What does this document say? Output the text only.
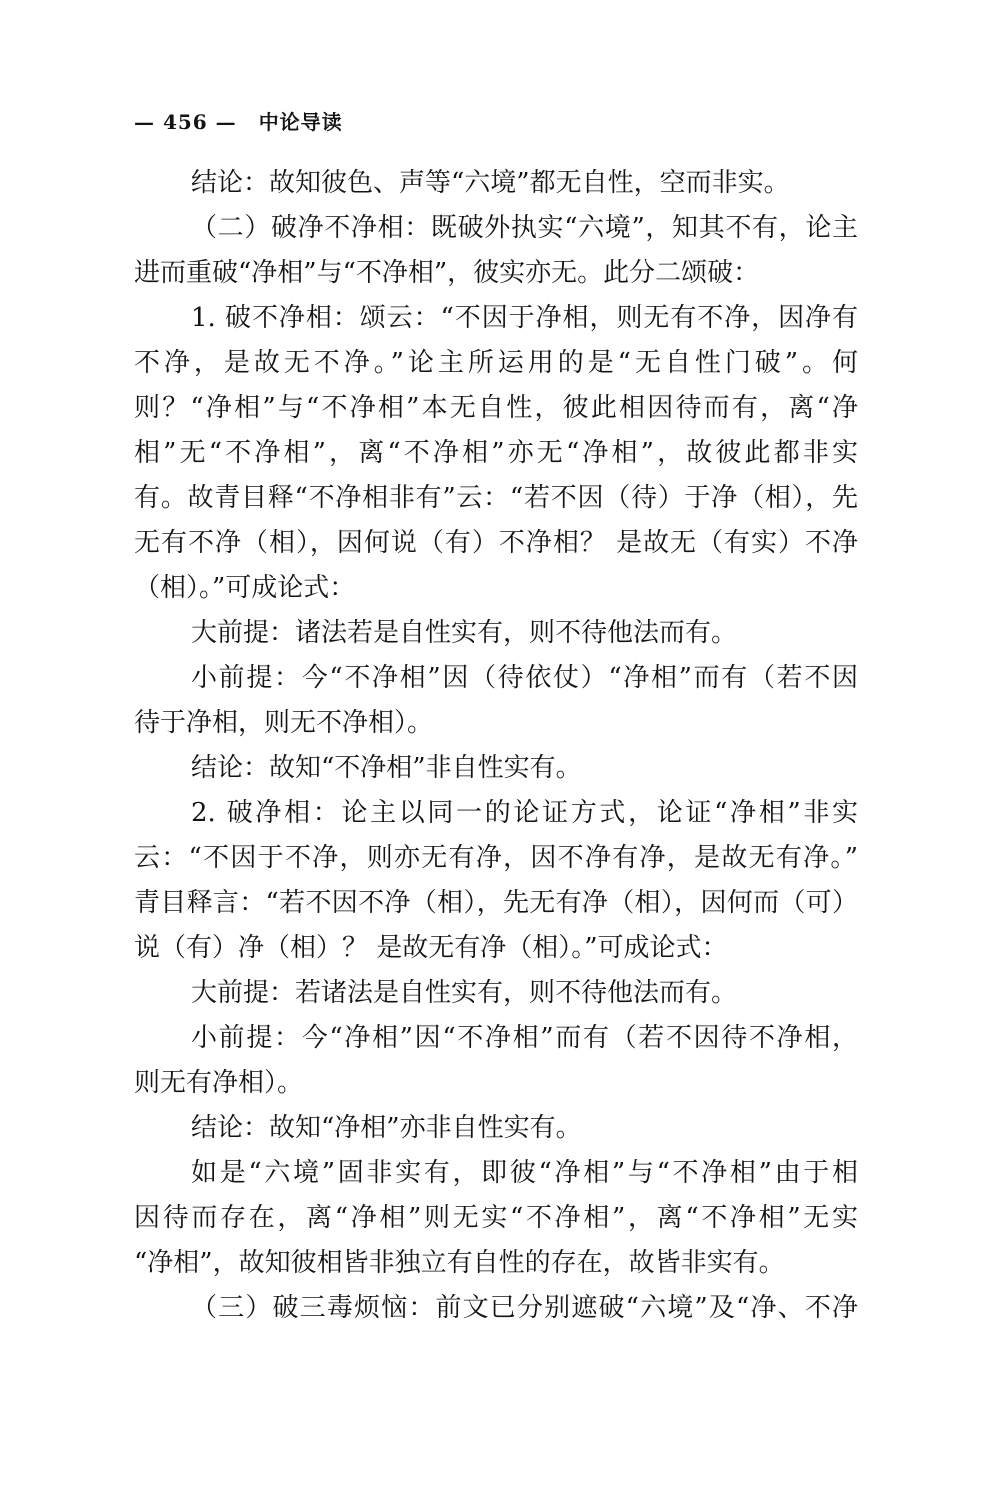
— 456 — 中论导读
结论：故知彼色、声等“六境”都无自性，空而非实。
（二）破净不净相：既破外执实“六境”，知其不有，论主
进而重破“净相”与“不净相”，彼实亦无。此分二颂破：
1. 破不净相：颂云：“不因于净相，则无有不净，因净有
不净，是故无不净。”论主所运用的是“无自性门破”。何
则？“净相”与“不净相”本无自性，彼此相因待而有，离“净
相”无“不净相”，离“不净相”亦无“净相”，故彼此都非实
有。故青目释“不净相非有”云：“若不因（待）于净（相），先
无有不净（相），因何说（有）不净相？ 是故无（有实）不净
（相）。”可成论式：
大前提：诸法若是自性实有，则不待他法而有。
小前提：今“不净相”因（待依仗）“净相”而有（若不因
待于净相，则无不净相）。
结论：故知“不净相”非自性实有。
2. 破净相：论主以同一的论证方式，论证“净相”非实
云：“不因于不净，则亦无有净，因不净有净，是故无有净。”
青目释言：“若不因不净（相），先无有净（相），因何而（可）
说（有）净（相）？ 是故无有净（相）。”可成论式：
大前提：若诸法是自性实有，则不待他法而有。
小前提：今“净相”因“不净相”而有（若不因待不净相，
则无有净相）。
结论：故知“净相”亦非自性实有。
如是“六境”固非实有，即彼“净相”与“不净相”由于相
因待而存在，离“净相”则无实“不净相”，离“不净相”无实
“净相”，故知彼相皆非独立有自性的存在，故皆非实有。
（三）破三毒烦恼：前文已分别遮破“六境”及“净、不净
